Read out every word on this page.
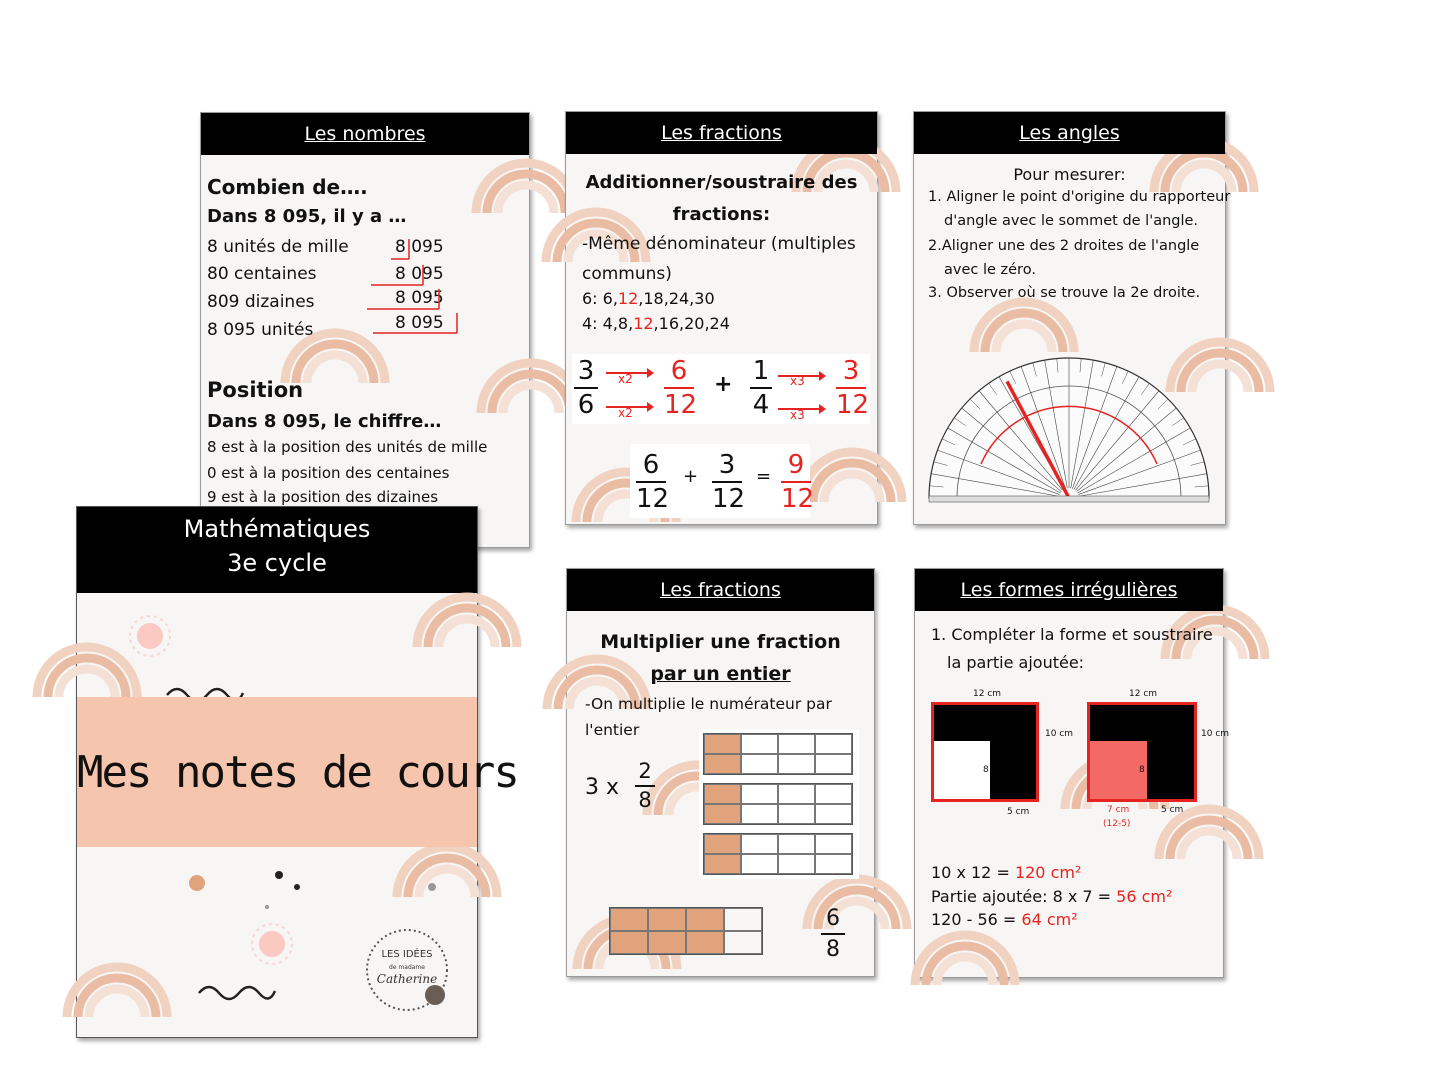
Les nombres
Combien de….
Dans 8 095, il y a …
8 unités de mille	8 095
80 centaines	8 095
809 dizaines	8 095
8 095 unités	8 095
Position
Dans 8 095, le chiffre…
8 est à la position des unités de mille
0 est à la position des centaines
9 est à la position des dizaines
Mathématiques
3e cycle
Mes notes de cours
LES IDÉES
de madame
Catherine
Les fractions
Additionner/soustraire des
fractions:
-Même dénominateur (multiples
communs)
6: 6,12,18,24,30
4: 4,8,12,16,20,24
3
6
x2
x2
6
12
+ 1
4
x3
x3
3
12
6
12
+ 3
12
= 9
12
Les angles
Pour mesurer:
1. Aligner le point d'origine du rapporteur
d'angle avec le sommet de l'angle.
2.Aligner une des 2 droites de l'angle
avec le zéro.
3. Observer où se trouve la 2e droite.
Les fractions
Multiplier une fraction
par un entier
-On multiplie le numérateur par
l'entier
3 x
2
8
6
8
Les formes irrégulières
1. Compléter la forme et soustraire
la partie ajoutée:
12 cm
10 cm
8
5 cm
12 cm
10 cm
8
7 cm
(12-5)
5 cm
10 x 12 = 120 cm²
Partie ajoutée: 8 x 7 = 56 cm²
120 - 56 = 64 cm²
